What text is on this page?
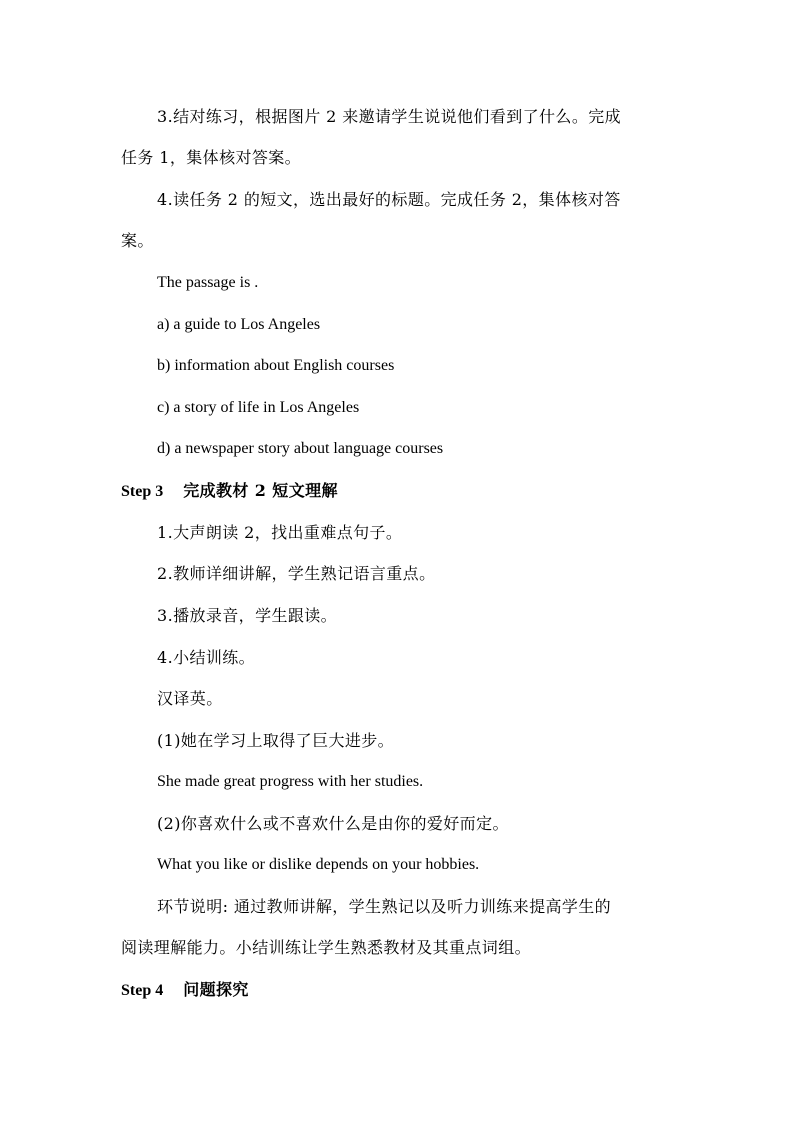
3.结对练习，根据图片 2 来邀请学生说说他们看到了什么。完成
任务 1，集体核对答案。
4.读任务 2 的短文，选出最好的标题。完成任务 2，集体核对答
案。
The passage is .
a) a guide to Los Angeles
b) information about English courses
c) a story of life in Los Angeles
d) a newspaper story about language courses
Step 3 完成教材 2 短文理解
1.大声朗读 2，找出重难点句子。
2.教师详细讲解，学生熟记语言重点。
3.播放录音，学生跟读。
4.小结训练。
汉译英。
(1)她在学习上取得了巨大进步。
She made great progress with her studies.
(2)你喜欢什么或不喜欢什么是由你的爱好而定。
What you like or dislike depends on your hobbies.
环节说明: 通过教师讲解，学生熟记以及听力训练来提高学生的
阅读理解能力。小结训练让学生熟悉教材及其重点词组。
Step 4 问题探究
